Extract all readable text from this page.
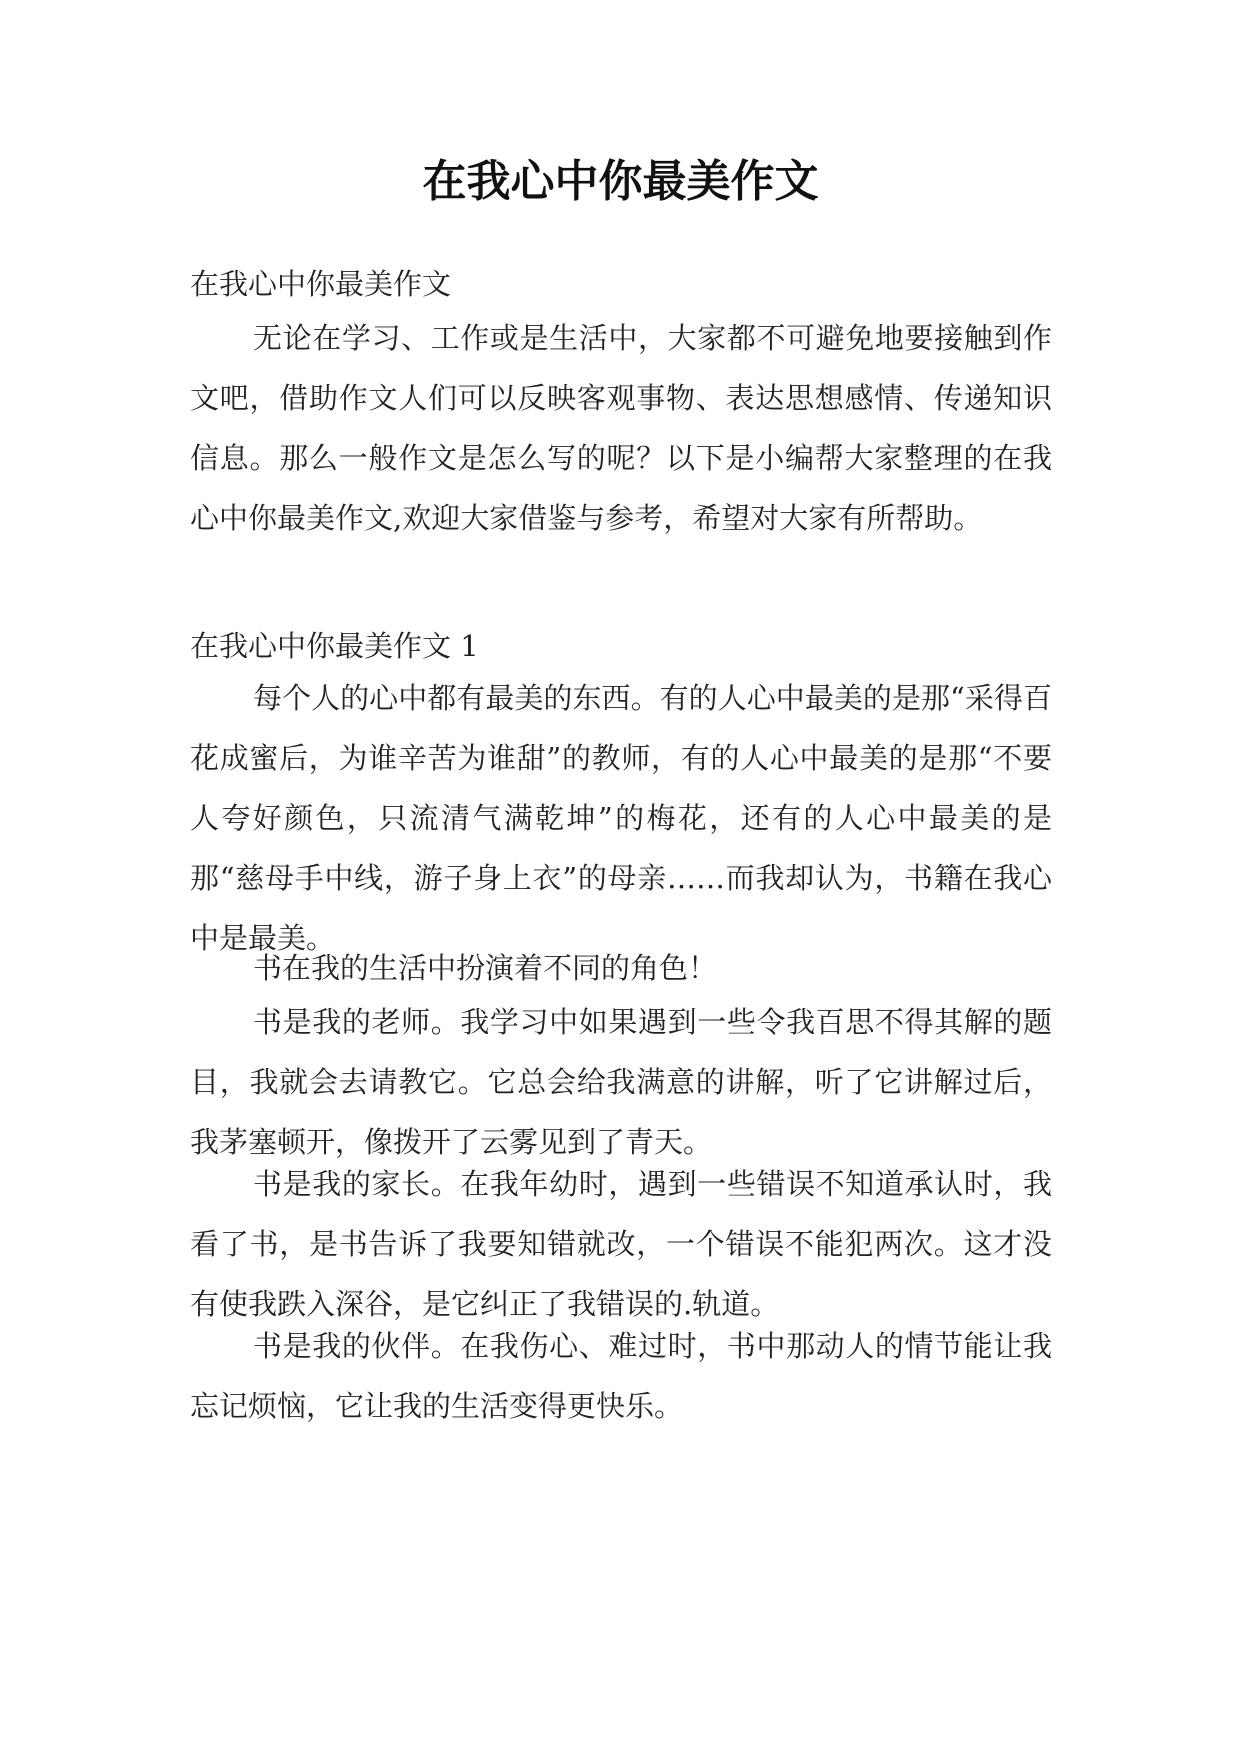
在我心中你最美作文

在我心中你最美作文

无论在学习、工作或是生活中，大家都不可避免地要接触到作文吧，借助作文人们可以反映客观事物、表达思想感情、传递知识信息。那么一般作文是怎么写的呢？以下是小编帮大家整理的在我心中你最美作文,欢迎大家借鉴与参考，希望对大家有所帮助。

在我心中你最美作文 1

每个人的心中都有最美的东西。有的人心中最美的是那“采得百花成蜜后，为谁辛苦为谁甜”的教师，有的人心中最美的是那“不要人夸好颜色，只流清气满乾坤”的梅花，还有的人心中最美的是那“慈母手中线，游子身上衣”的母亲……而我却认为，书籍在我心中是最美。

书在我的生活中扮演着不同的角色！

书是我的老师。我学习中如果遇到一些令我百思不得其解的题目，我就会去请教它。它总会给我满意的讲解，听了它讲解过后，我茅塞顿开，像拨开了云雾见到了青天。

书是我的家长。在我年幼时，遇到一些错误不知道承认时，我看了书，是书告诉了我要知错就改，一个错误不能犯两次。这才没有使我跌入深谷，是它纠正了我错误的.轨道。

书是我的伙伴。在我伤心、难过时，书中那动人的情节能让我忘记烦恼，它让我的生活变得更快乐。
